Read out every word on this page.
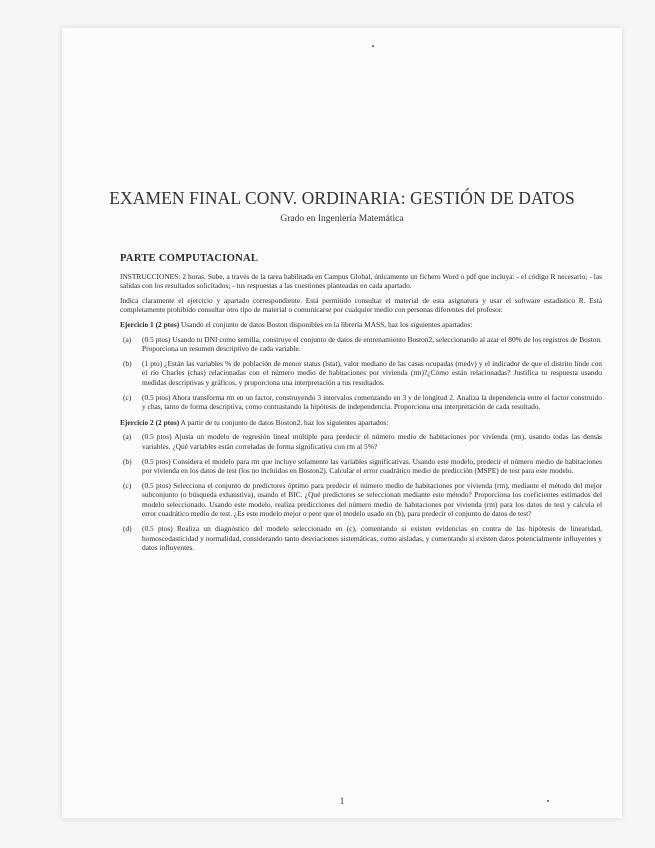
EXAMEN FINAL CONV. ORDINARIA: GESTIÓN DE DATOS
Grado en Ingeniería Matemática
PARTE COMPUTACIONAL

INSTRUCCIONES: 2 horas. Sube, a través de la tarea habilitada en Campus Global, únicamente un fichero Word o pdf que incluya: - el código R necesario; - las salidas con los resultados solicitados; - tus respuestas a las cuestiones planteadas en cada apartado.

Indica claramente el ejercicio y apartado correspondiente. Está permitido consultar el material de esta asignatura y usar el software estadístico R. Está completamente prohibido consultar otro tipo de material o comunicarse por cualquier medio con personas diferentes del profesor.

Ejercicio 1 (2 ptos) Usando el conjunto de datos Boston disponibles en la librería MASS, haz los siguientes apartados:

(a)	(0.5 ptos) Usando tu DNI como semilla, construye el conjunto de datos de entrenamiento Boston2, seleccionando al azar el 80% de los registros de Boston. Proporciona un resumen descriptivo de cada variable.
(b)	(1 pto) ¿Están las variables % de población de menor status (lstat), valor mediano de las casas ocupadas (medv) y el indicador de que el distrito linde con el río Charles (chas) relacionadas con el número medio de habitaciones por vivienda (rm)?¿Cómo están relacionadas? Justifica tu respuesta usando medidas descriptivas y gráficos, y proporciona una interpretación a tus resultados.
(c)	(0.5 ptos) Ahora transforma rm en un factor, construyendo 3 intervalos comenzando en 3 y de longitud 2. Analiza la dependencia entre el factor construido y chas, tanto de forma descriptiva, como contrastando la hipótesis de independencia. Proporciona una interpretación de cada resultado.

Ejercicio 2 (2 ptos) A partir de tu conjunto de datos Boston2, haz los siguientes apartados:

(a)	(0.5 ptos) Ajusta un modelo de regresión lineal múltiple para predecir el número medio de habitaciones por vivienda (rm), usando todas las demás variables. ¿Qué variables están correladas de forma significativa con rm al 5%?
(b)	(0.5 ptos) Considera el modelo para rm que incluye solamente las variables significativas. Usando este modelo, predecir el número medio de habitaciones por vivienda en los datos de test (los no incluidos en Boston2). Calcular el error cuadrático medio de predicción (MSPE) de test para este modelo.
(c)	(0.5 ptos) Selecciona el conjunto de predictores óptimo para predecir el número medio de habitaciones por vivienda (rm), mediante el método del mejor subconjunto (o búsqueda exhaustiva), usando el BIC. ¿Qué predictores se seleccionan mediante este método? Proporciona los coeficientes estimados del modelo seleccionado. Usando este modelo, realiza predicciones del número medio de habitaciones por vivienda (rm) para los datos de test y calcula el error cuadrático medio de test. ¿Es este modelo mejor o peor que el modelo usado en (b), para predecir el conjunto de datos de test?
(d)	(0.5 ptos) Realiza un diagnóstico del modelo seleccionado en (c), comentando si existen evidencias en contra de las hipótesis de linearidad, homoscedasticidad y normalidad, considerando tanto desviaciones sistemáticas, como aisladas, y comentando si existen datos potencialmente influyentes y datos influyentes.
1
